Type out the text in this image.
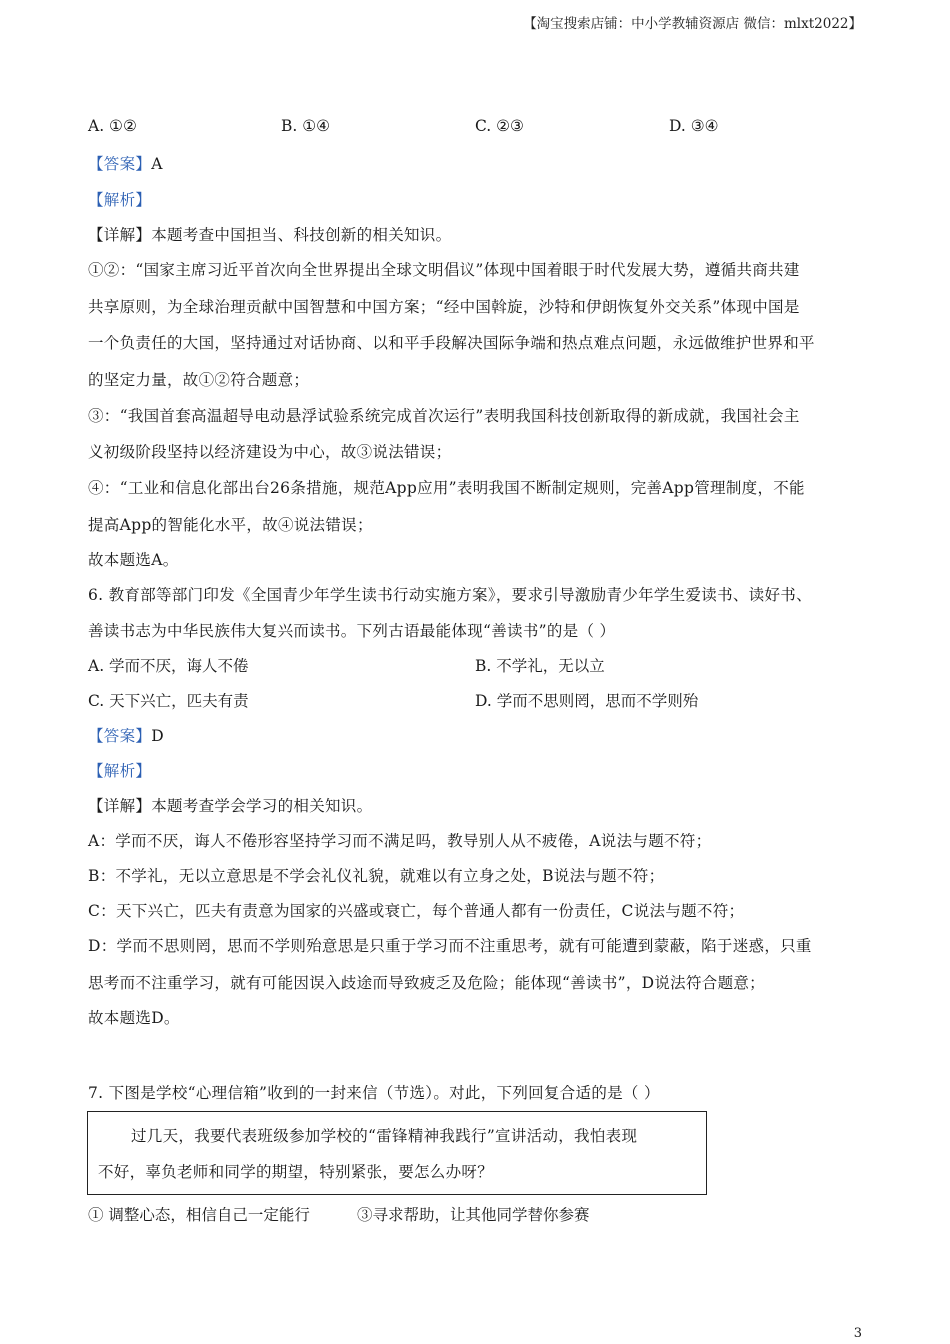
【淘宝搜索店铺：中小学教辅资源店 微信：mlxt2022】
A. ①②	B. ①④	C. ②③	D. ③④
【答案】A
【解析】
【详解】本题考查中国担当、科技创新的相关知识。
①②：“国家主席习近平首次向全世界提出全球文明倡议”体现中国着眼于时代发展大势，遵循共商共建
共享原则，为全球治理贡献中国智慧和中国方案；“经中国斡旋，沙特和伊朗恢复外交关系”体现中国是
一个负责任的大国，坚持通过对话协商、以和平手段解决国际争端和热点难点问题，永远做维护世界和平
的坚定力量，故①②符合题意；
③：“我国首套高温超导电动悬浮试验系统完成首次运行”表明我国科技创新取得的新成就，我国社会主
义初级阶段坚持以经济建设为中心，故③说法错误；
④：“工业和信息化部出台26条措施，规范App应用”表明我国不断制定规则，完善App管理制度，不能
提高App的智能化水平，故④说法错误；
故本题选A。
6. 教育部等部门印发《全国青少年学生读书行动实施方案》，要求引导激励青少年学生爱读书、读好书、
善读书志为中华民族伟大复兴而读书。下列古语最能体现“善读书”的是（ ）
A. 学而不厌，诲人不倦	B. 不学礼，无以立
C. 天下兴亡，匹夫有责	D. 学而不思则罔，思而不学则殆
【答案】D
【解析】
【详解】本题考查学会学习的相关知识。
A：学而不厌，诲人不倦形容坚持学习而不满足吗，教导别人从不疲倦，A说法与题不符；
B：不学礼，无以立意思是不学会礼仪礼貌，就难以有立身之处，B说法与题不符；
C：天下兴亡，匹夫有责意为国家的兴盛或衰亡，每个普通人都有一份责任，C说法与题不符；
D：学而不思则罔，思而不学则殆意思是只重于学习而不注重思考，就有可能遭到蒙蔽，陷于迷惑，只重
思考而不注重学习，就有可能因误入歧途而导致疲乏及危险；能体现“善读书”，D说法符合题意；
故本题选D。
7. 下图是学校“心理信箱”收到的一封来信（节选）。对此，下列回复合适的是（ ）
过几天，我要代表班级参加学校的“雷锋精神我践行”宣讲活动，我怕表现
不好，辜负老师和同学的期望，特别紧张，要怎么办呀？
① 调整心态，相信自己一定能行	③寻求帮助，让其他同学替你参赛
3
